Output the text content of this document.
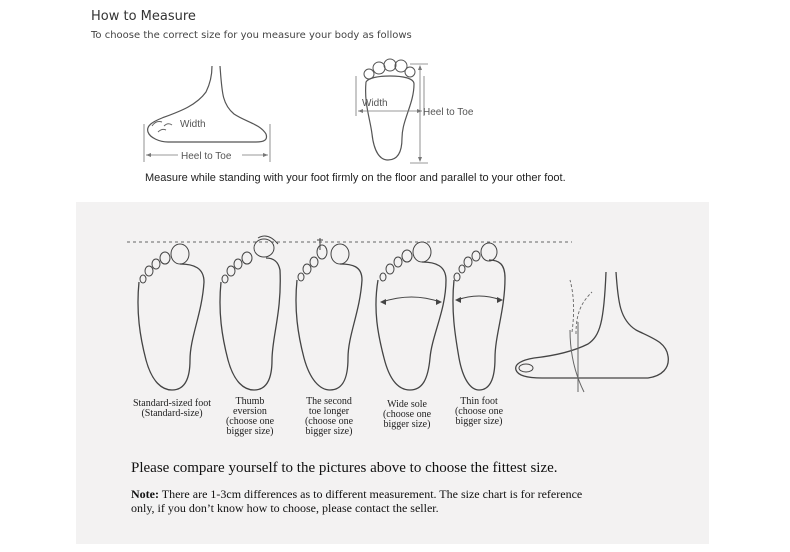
How to Measure
To choose the correct size for you measure your body as follows
Width
Heel to Toe
Width
Heel to Toe
Measure while standing with your foot firmly on the floor and parallel to your other foot.
Standard-sized foot
(Standard-size)
Thumb
eversion
(choose one
bigger size)
The second
toe longer
(choose one
bigger size)
Wide sole
(choose one
bigger size)
Thin foot
(choose one
bigger size)
Please compare yourself to the pictures above to choose the fittest size.
Note: There are 1-3cm differences as to different measurement. The size chart is for reference only, if you don’t know how to choose, please contact the seller.
